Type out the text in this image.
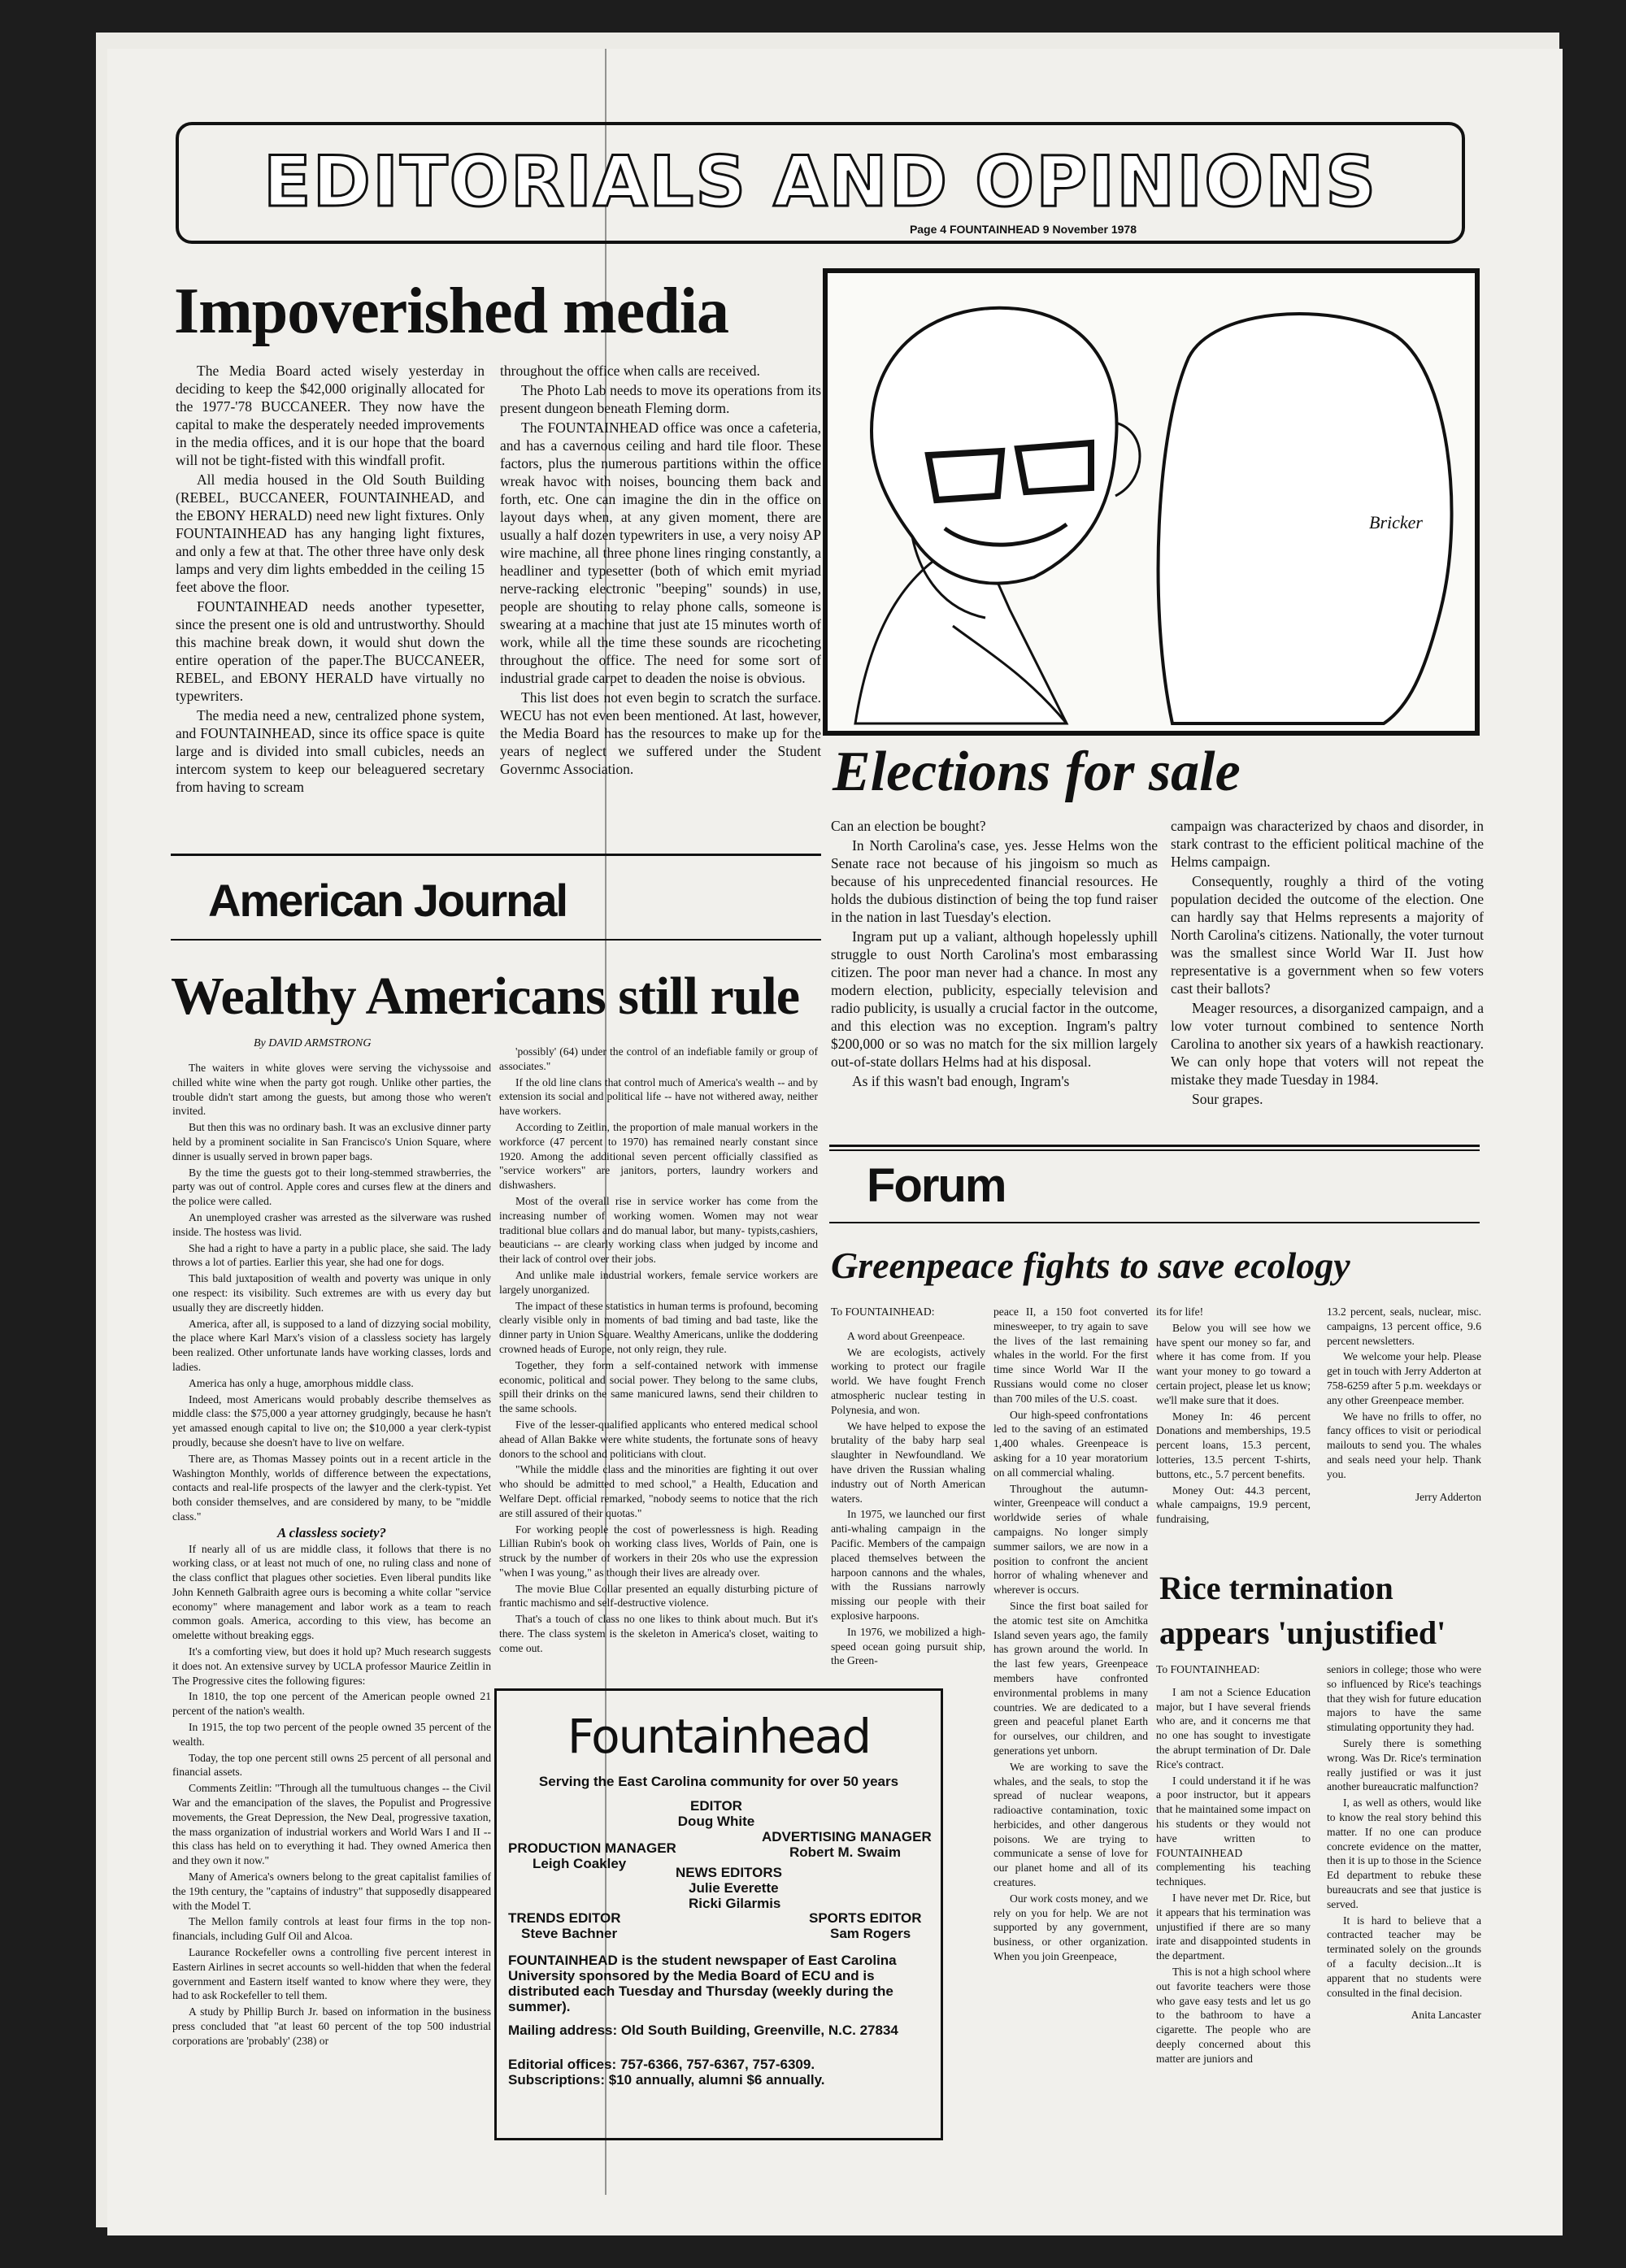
EDITORIALS AND OPINIONS
Page 4 FOUNTAINHEAD 9 November 1978
Impoverished media

The Media Board acted wisely yesterday in deciding to keep the $42,000 originally allocated for the 1977-'78 BUCCANEER. They now have the capital to make the desperately needed improvements in the media offices, and it is our hope that the board will not be tight-fisted with this windfall profit.

All media housed in the Old South Building (REBEL, BUCCANEER, FOUNTAINHEAD, and the EBONY HERALD) need new light fixtures. Only FOUNTAINHEAD has any hanging light fixtures, and only a few at that. The other three have only desk lamps and very dim lights embedded in the ceiling 15 feet above the floor.

FOUNTAINHEAD needs another typesetter, since the present one is old and untrustworthy. Should this machine break down, it would shut down the entire operation of the paper.The BUCCANEER, REBEL, and EBONY HERALD have virtually no typewriters.

The media need a new, centralized phone system, and FOUNTAINHEAD, since its office space is quite large and is divided into small cubicles, needs an intercom system to keep our beleaguered secretary from having to scream

throughout the office when calls are received.

The Photo Lab needs to move its operations from its present dungeon beneath Fleming dorm.

The FOUNTAINHEAD office was once a cafeteria, and has a cavernous ceiling and hard tile floor. These factors, plus the numerous partitions within the office wreak havoc with noises, bouncing them back and forth, etc. One can imagine the din in the office on layout days when, at any given moment, there are usually a half dozen typewriters in use, a very noisy AP wire machine, all three phone lines ringing constantly, a headliner and typesetter (both of which emit myriad nerve-racking electronic "beeping" sounds) in use, people are shouting to relay phone calls, someone is swearing at a machine that just ate 15 minutes worth of work, while all the time these sounds are ricocheting throughout the office. The need for some sort of industrial grade carpet to deaden the noise is obvious.

This list does not even begin to scratch the surface. WECU has not even been mentioned. At last, however, the Media Board has the resources to make up for the years of neglect we suffered under the Student Governmc Association.

Bricker
Elections for sale

Can an election be bought?

In North Carolina's case, yes. Jesse Helms won the Senate race not because of his jingoism so much as because of his unprecedented financial resources. He holds the dubious distinction of being the top fund raiser in the nation in last Tuesday's election.

Ingram put up a valiant, although hopelessly uphill struggle to oust North Carolina's most embarassing citizen. The poor man never had a chance. In most any modern election, publicity, especially television and radio publicity, is usually a crucial factor in the outcome, and this election was no exception. Ingram's paltry $200,000 or so was no match for the six million largely out-of-state dollars Helms had at his disposal.

As if this wasn't bad enough, Ingram's

campaign was characterized by chaos and disorder, in stark contrast to the efficient political machine of the Helms campaign.

Consequently, roughly a third of the voting population decided the outcome of the election. One can hardly say that Helms represents a majority of North Carolina's citizens. Nationally, the voter turnout was the smallest since World War II. Just how representative is a government when so few voters cast their ballots?

Meager resources, a disorganized campaign, and a low voter turnout combined to sentence North Carolina to another six years of a hawkish reactionary. We can only hope that voters will not repeat the mistake they made Tuesday in 1984.

Sour grapes.

American Journal
Wealthy Americans still rule
By DAVID ARMSTRONG

The waiters in white gloves were serving the vichyssoise and chilled white wine when the party got rough. Unlike other parties, the trouble didn't start among the guests, but among those who weren't invited.

But then this was no ordinary bash. It was an exclusive dinner party held by a prominent socialite in San Francisco's Union Square, where dinner is usually served in brown paper bags.

By the time the guests got to their long-stemmed strawberries, the party was out of control. Apple cores and curses flew at the diners and the police were called.

An unemployed crasher was arrested as the silverware was rushed inside. The hostess was livid.

She had a right to have a party in a public place, she said. The lady throws a lot of parties. Earlier this year, she had one for dogs.

This bald juxtaposition of wealth and poverty was unique in only one respect: its visibility. Such extremes are with us every day but usually they are discreetly hidden.

America, after all, is supposed to a land of dizzying social mobility, the place where Karl Marx's vision of a classless society has largely been realized. Other unfortunate lands have working classes, lords and ladies.

America has only a huge, amorphous middle class.

Indeed, most Americans would probably describe themselves as middle class: the $75,000 a year attorney grudgingly, because he hasn't yet amassed enough capital to live on; the $10,000 a year clerk-typist proudly, because she doesn't have to live on welfare.

There are, as Thomas Massey points out in a recent article in the Washington Monthly, worlds of difference between the expectations, contacts and real-life prospects of the lawyer and the clerk-typist. Yet both consider themselves, and are considered by many, to be "middle class."

A classless society?

If nearly all of us are middle class, it follows that there is no working class, or at least not much of one, no ruling class and none of the class conflict that plagues other societies. Even liberal pundits like John Kenneth Galbraith agree ours is becoming a white collar "service economy" where management and labor work as a team to reach common goals. America, according to this view, has become an omelette without breaking eggs.

It's a comforting view, but does it hold up? Much research suggests it does not. An extensive survey by UCLA professor Maurice Zeitlin in The Progressive cites the following figures:

In 1810, the top one percent of the American people owned 21 percent of the nation's wealth.

In 1915, the top two percent of the people owned 35 percent of the wealth.

Today, the top one percent still owns 25 percent of all personal and financial assets.

Comments Zeitlin: "Through all the tumultuous changes -- the Civil War and the emancipation of the slaves, the Populist and Progressive movements, the Great Depression, the New Deal, progressive taxation, the mass organization of industrial workers and World Wars I and II -- this class has held on to everything it had. They owned America then and they own it now."

Many of America's owners belong to the great capitalist families of the 19th century, the "captains of industry" that supposedly disappeared with the Model T.

The Mellon family controls at least four firms in the top non-financials, including Gulf Oil and Alcoa.

Laurance Rockefeller owns a controlling five percent interest in Eastern Airlines in secret accounts so well-hidden that when the federal government and Eastern itself wanted to know where they were, they had to ask Rockefeller to tell them.

A study by Phillip Burch Jr. based on information in the business press concluded that "at least 60 percent of the top 500 industrial corporations are 'probably' (238) or

'possibly' (64) under the control of an indefiable family or group of associates."

If the old line clans that control much of America's wealth -- and by extension its social and political life -- have not withered away, neither have workers.

According to Zeitlin, the proportion of male manual workers in the workforce (47 percent to 1970) has remained nearly constant since 1920. Among the additional seven percent officially classified as "service workers" are janitors, porters, laundry workers and dishwashers.

Most of the overall rise in service worker has come from the increasing number of working women. Women may not wear traditional blue collars and do manual labor, but many- typists,cashiers, beauticians -- are clearly working class when judged by income and their lack of control over their jobs.

And unlike male industrial workers, female service workers are largely unorganized.

The impact of these statistics in human terms is profound, becoming clearly visible only in moments of bad timing and bad taste, like the dinner party in Union Square. Wealthy Americans, unlike the doddering crowned heads of Europe, not only reign, they rule.

Together, they form a self-contained network with immense economic, political and social power. They belong to the same clubs, spill their drinks on the same manicured lawns, send their children to the same schools.

Five of the lesser-qualified applicants who entered medical school ahead of Allan Bakke were white students, the fortunate sons of heavy donors to the school and politicians with clout.

"While the middle class and the minorities are fighting it out over who should be admitted to med school," a Health, Education and Welfare Dept. official remarked, "nobody seems to notice that the rich are still assured of their quotas."

For working people the cost of powerlessness is high. Reading Lillian Rubin's book on working class lives, Worlds of Pain, one is struck by the number of workers in their 20s who use the expression "when I was young," as though their lives are already over.

The movie Blue Collar presented an equally disturbing picture of frantic machismo and self-destructive violence.

That's a touch of class no one likes to think about much. But it's there. The class system is the skeleton in America's closet, waiting to come out.

Fountainhead
Serving the East Carolina community for over 50 years
EDITOR
Doug White
PRODUCTION MANAGER
Leigh Coakley
ADVERTISING MANAGER
Robert M. Swaim
NEWS EDITORS
Julie Everette
Ricki Gilarmis
TRENDS EDITOR
Steve Bachner
SPORTS EDITOR
Sam Rogers
FOUNTAINHEAD is the student newspaper of East Carolina University sponsored by the Media Board of ECU and is distributed each Tuesday and Thursday (weekly during the summer).
Mailing address: Old South Building, Greenville, N.C. 27834
Editorial offices: 757-6366, 757-6367, 757-6309.
Subscriptions: $10 annually, alumni $6 annually.
Forum
Greenpeace fights to save ecology

To FOUNTAINHEAD:

A word about Greenpeace.

We are ecologists, actively working to protect our fragile world. We have fought French atmospheric nuclear testing in Polynesia, and won.

We have helped to expose the brutality of the baby harp seal slaughter in Newfoundland. We have driven the Russian whaling industry out of North American waters.

In 1975, we launched our first anti-whaling campaign in the Pacific. Members of the campaign placed themselves between the harpoon cannons and the whales, with the Russians narrowly missing our people with their explosive harpoons.

In 1976, we mobilized a high-speed ocean going pursuit ship, the Green-

peace II, a 150 foot converted minesweeper, to try again to save the lives of the last remaining whales in the world. For the first time since World War II the Russians would come no closer than 700 miles of the U.S. coast.

Our high-speed confrontations led to the saving of an estimated 1,400 whales. Greenpeace is asking for a 10 year moratorium on all commercial whaling.

Throughout the autumn-winter, Greenpeace will conduct a worldwide series of whale campaigns. No longer simply summer sailors, we are now in a position to confront the ancient horror of whaling whenever and wherever is occurs.

Since the first boat sailed for the atomic test site on Amchitka Island seven years ago, the family has grown around the world. In the last few years, Greenpeace members have confronted environmental problems in many countries. We are dedicated to a green and peaceful planet Earth for ourselves, our children, and generations yet unborn.

We are working to save the whales, and the seals, to stop the spread of nuclear weapons, radioactive contamination, toxic herbicides, and other dangerous poisons. We are trying to communicate a sense of love for our planet home and all of its creatures.

Our work costs money, and we rely on you for help. We are not supported by any government, business, or other organization. When you join Greenpeace,

its for life!

Below you will see how we have spent our money so far, and where it has come from. If you want your money to go toward a certain project, please let us know; we'll make sure that it does.

Money In: 46 percent Donations and memberships, 19.5 percent loans, 15.3 percent, lotteries, 13.5 percent T-shirts, buttons, etc., 5.7 percent benefits.

Money Out: 44.3 percent, whale campaigns, 19.9 percent, fundraising,

13.2 percent, seals, nuclear, misc. campaigns, 13 percent office, 9.6 percent newsletters.

We welcome your help. Please get in touch with Jerry Adderton at 758-6259 after 5 p.m. weekdays or any other Greenpeace member.

We have no frills to offer, no fancy offices to visit or periodical mailouts to send you. The whales and seals need your help. Thank you.

Jerry Adderton

Rice termination
appears 'unjustified'

To FOUNTAINHEAD:

I am not a Science Education major, but I have several friends who are, and it concerns me that no one has sought to investigate the abrupt termination of Dr. Dale Rice's contract.

I could understand it if he was a poor instructor, but it appears that he maintained some impact on his students or they would not have written to FOUNTAINHEAD complementing his teaching techniques.

I have never met Dr. Rice, but it appears that his termination was unjustified if there are so many irate and disappointed students in the department.

This is not a high school where out favorite teachers were those who gave easy tests and let us go to the bathroom to have a cigarette. The people who are deeply concerned about this matter are juniors and

seniors in college; those who were so influenced by Rice's teachings that they wish for future education majors to have the same stimulating opportunity they had.

Surely there is something wrong. Was Dr. Rice's termination really justified or was it just another bureaucratic malfunction?

I, as well as others, would like to know the real story behind this matter. If no one can produce concrete evidence on the matter, then it is up to those in the Science Ed department to rebuke these bureaucrats and see that justice is served.

It is hard to believe that a contracted teacher may be terminated solely on the grounds of a faculty decision...It is apparent that no students were consulted in the final decision.

Anita Lancaster
